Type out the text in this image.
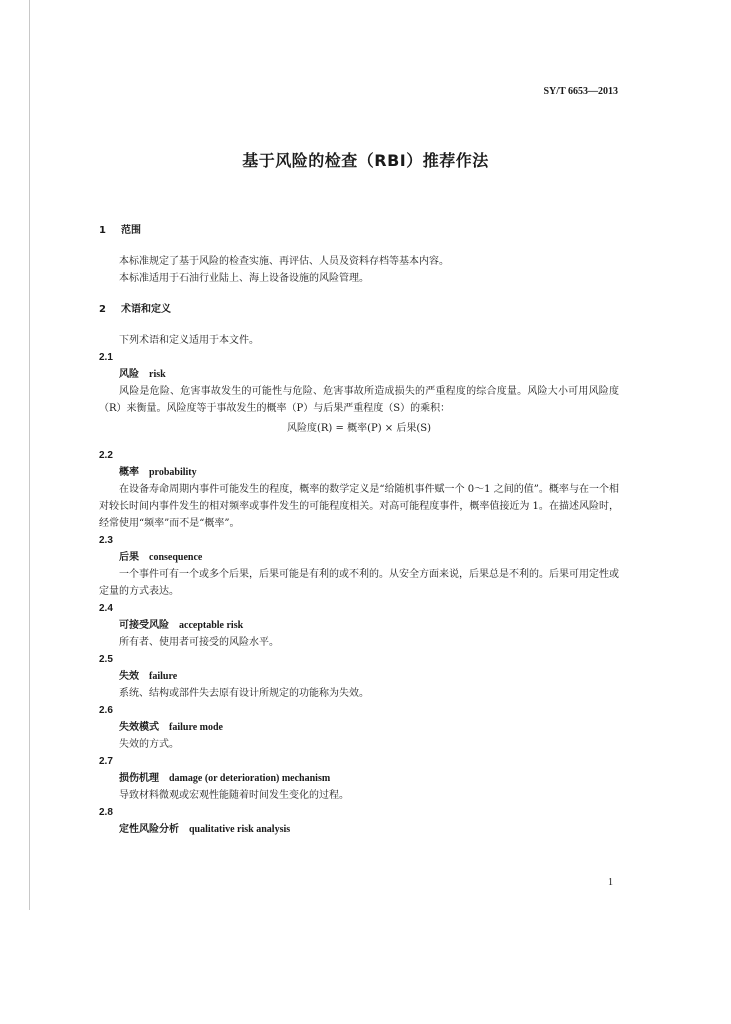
SY/T 6653—2013
基于风险的检查（RBI）推荐作法
1 范围

本标准规定了基于风险的检查实施、再评估、人员及资料存档等基本内容。

本标准适用于石油行业陆上、海上设备设施的风险管理。

2 术语和定义

下列术语和定义适用于本文件。

2.1
风险 risk

风险是危险、危害事故发生的可能性与危险、危害事故所造成损失的严重程度的综合度量。风险大小可用风险度（R）来衡量。风险度等于事故发生的概率（P）与后果严重程度（S）的乘积：

风险度(R) = 概率(P) × 后果(S)
2.2
概率 probability

在设备寿命周期内事件可能发生的程度，概率的数学定义是“给随机事件赋一个 0～1 之间的值”。概率与在一个相对较长时间内事件发生的相对频率或事件发生的可能程度相关。对高可能程度事件，概率值接近为 1。在描述风险时，经常使用“频率”而不是“概率”。

2.3
后果 consequence

一个事件可有一个或多个后果，后果可能是有利的或不利的。从安全方面来说，后果总是不利的。后果可用定性或定量的方式表达。

2.4
可接受风险 acceptable risk

所有者、使用者可接受的风险水平。

2.5
失效 failure

系统、结构或部件失去原有设计所规定的功能称为失效。

2.6
失效模式 failure mode

失效的方式。

2.7
损伤机理 damage (or deterioration) mechanism

导致材料微观或宏观性能随着时间发生变化的过程。

2.8
定性风险分析 qualitative risk analysis
1
